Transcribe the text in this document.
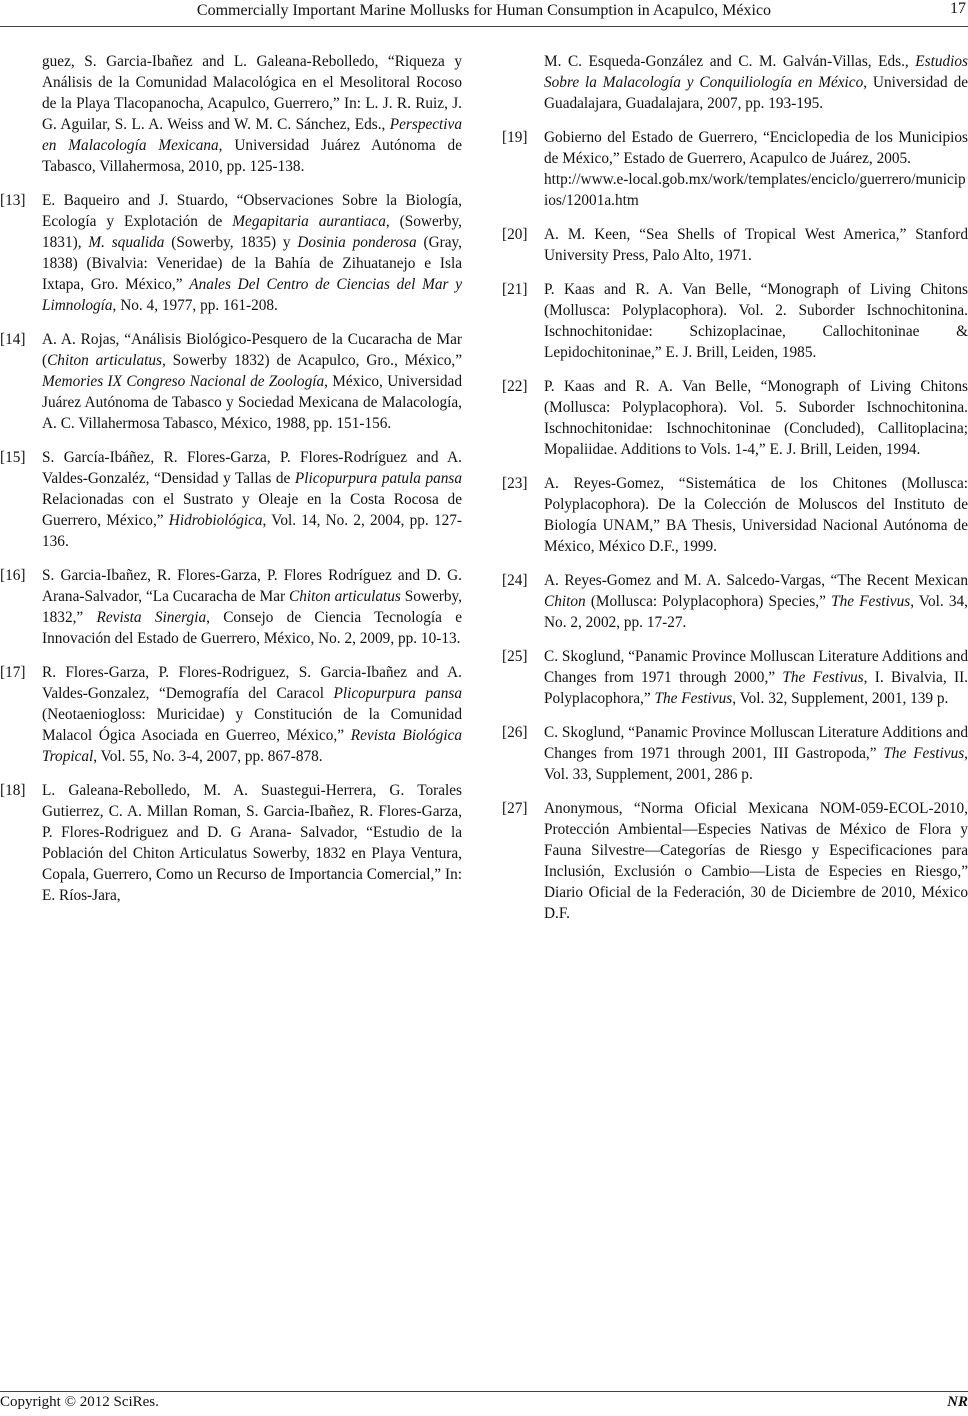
Commercially Important Marine Mollusks for Human Consumption in Acapulco, México	17
guez, S. Garcia-Ibañez and L. Galeana-Rebolledo, “Riqueza y Análisis de la Comunidad Malacológica en el Mesolitoral Rocoso de la Playa Tlacopanocha, Acapulco, Guerrero,” In: L. J. R. Ruiz, J. G. Aguilar, S. L. A. Weiss and W. M. C. Sánchez, Eds., Perspectiva en Malacología Mexicana, Universidad Juárez Autónoma de Tabasco, Villahermosa, 2010, pp. 125-138.
[13] E. Baqueiro and J. Stuardo, “Observaciones Sobre la Biología, Ecología y Explotación de Megapitaria aurantiaca, (Sowerby, 1831), M. squalida (Sowerby, 1835) y Dosinia ponderosa (Gray, 1838) (Bivalvia: Veneridae) de la Bahía de Zihuatanejo e Isla Ixtapa, Gro. México,” Anales Del Centro de Ciencias del Mar y Limnología, No. 4, 1977, pp. 161-208.
[14] A. A. Rojas, “Análisis Biológico-Pesquero de la Cucaracha de Mar (Chiton articulatus, Sowerby 1832) de Acapulco, Gro., México,” Memories IX Congreso Nacional de Zoología, México, Universidad Juárez Autónoma de Tabasco y Sociedad Mexicana de Malacología, A. C. Villahermosa Tabasco, México, 1988, pp. 151-156.
[15] S. García-Ibáñez, R. Flores-Garza, P. Flores-Rodríguez and A. Valdes-Gonzaléz, “Densidad y Tallas de Plicopurpura patula pansa Relacionadas con el Sustrato y Oleaje en la Costa Rocosa de Guerrero, México,” Hidrobiológica, Vol. 14, No. 2, 2004, pp. 127-136.
[16] S. Garcia-Ibañez, R. Flores-Garza, P. Flores Rodríguez and D. G. Arana-Salvador, “La Cucaracha de Mar Chiton articulatus Sowerby, 1832,” Revista Sinergia, Consejo de Ciencia Tecnología e Innovación del Estado de Guerrero, México, No. 2, 2009, pp. 10-13.
[17] R. Flores-Garza, P. Flores-Rodriguez, S. Garcia-Ibañez and A. Valdes-Gonzalez, “Demografía del Caracol Plicopurpura pansa (Neotaeniogloss: Muricidae) y Constitución de la Comunidad Malacol Ógica Asociada en Guerreo, México,” Revista Biológica Tropical, Vol. 55, No. 3-4, 2007, pp. 867-878.
[18] L. Galeana-Rebolledo, M. A. Suastegui-Herrera, G. Torales Gutierrez, C. A. Millan Roman, S. Garcia-Ibañez, R. Flores-Garza, P. Flores-Rodriguez and D. G Arana- Salvador, “Estudio de la Población del Chiton Articulatus Sowerby, 1832 en Playa Ventura, Copala, Guerrero, Como un Recurso de Importancia Comercial,” In: E. Ríos-Jara,
M. C. Esqueda-González and C. M. Galván-Villas, Eds., Estudios Sobre la Malacología y Conquiliología en México, Universidad de Guadalajara, Guadalajara, 2007, pp. 193-195.
[19] Gobierno del Estado de Guerrero, “Enciclopedia de los Municipios de México,” Estado de Guerrero, Acapulco de Juárez, 2005.
http://www.e-local.gob.mx/work/templates/enciclo/guerrero/municipios/12001a.htm
[20] A. M. Keen, “Sea Shells of Tropical West America,” Stanford University Press, Palo Alto, 1971.
[21] P. Kaas and R. A. Van Belle, “Monograph of Living Chitons (Mollusca: Polyplacophora). Vol. 2. Suborder Ischnochitonina. Ischnochitonidae: Schizoplacinae, Callochitoninae & Lepidochitoninae,” E. J. Brill, Leiden, 1985.
[22] P. Kaas and R. A. Van Belle, “Monograph of Living Chitons (Mollusca: Polyplacophora). Vol. 5. Suborder Ischnochitonina. Ischnochitonidae: Ischnochitoninae (Concluded), Callitoplacina; Mopaliidae. Additions to Vols. 1-4,” E. J. Brill, Leiden, 1994.
[23] A. Reyes-Gomez, “Sistemática de los Chitones (Mollusca: Polyplacophora). De la Colección de Moluscos del Instituto de Biología UNAM,” BA Thesis, Universidad Nacional Autónoma de México, México D.F., 1999.
[24] A. Reyes-Gomez and M. A. Salcedo-Vargas, “The Recent Mexican Chiton (Mollusca: Polyplacophora) Species,” The Festivus, Vol. 34, No. 2, 2002, pp. 17-27.
[25] C. Skoglund, “Panamic Province Molluscan Literature Additions and Changes from 1971 through 2000,” The Festivus, I. Bivalvia, II. Polyplacophora,” The Festivus, Vol. 32, Supplement, 2001, 139 p.
[26] C. Skoglund, “Panamic Province Molluscan Literature Additions and Changes from 1971 through 2001, III Gastropoda,” The Festivus, Vol. 33, Supplement, 2001, 286 p.
[27] Anonymous, “Norma Oficial Mexicana NOM-059-ECOL-2010, Protección Ambiental—Especies Nativas de México de Flora y Fauna Silvestre—Categorías de Riesgo y Especificaciones para Inclusión, Exclusión o Cambio—Lista de Especies en Riesgo,” Diario Oficial de la Federación, 30 de Diciembre de 2010, México D.F.
Copyright © 2012 SciRes.	NR
